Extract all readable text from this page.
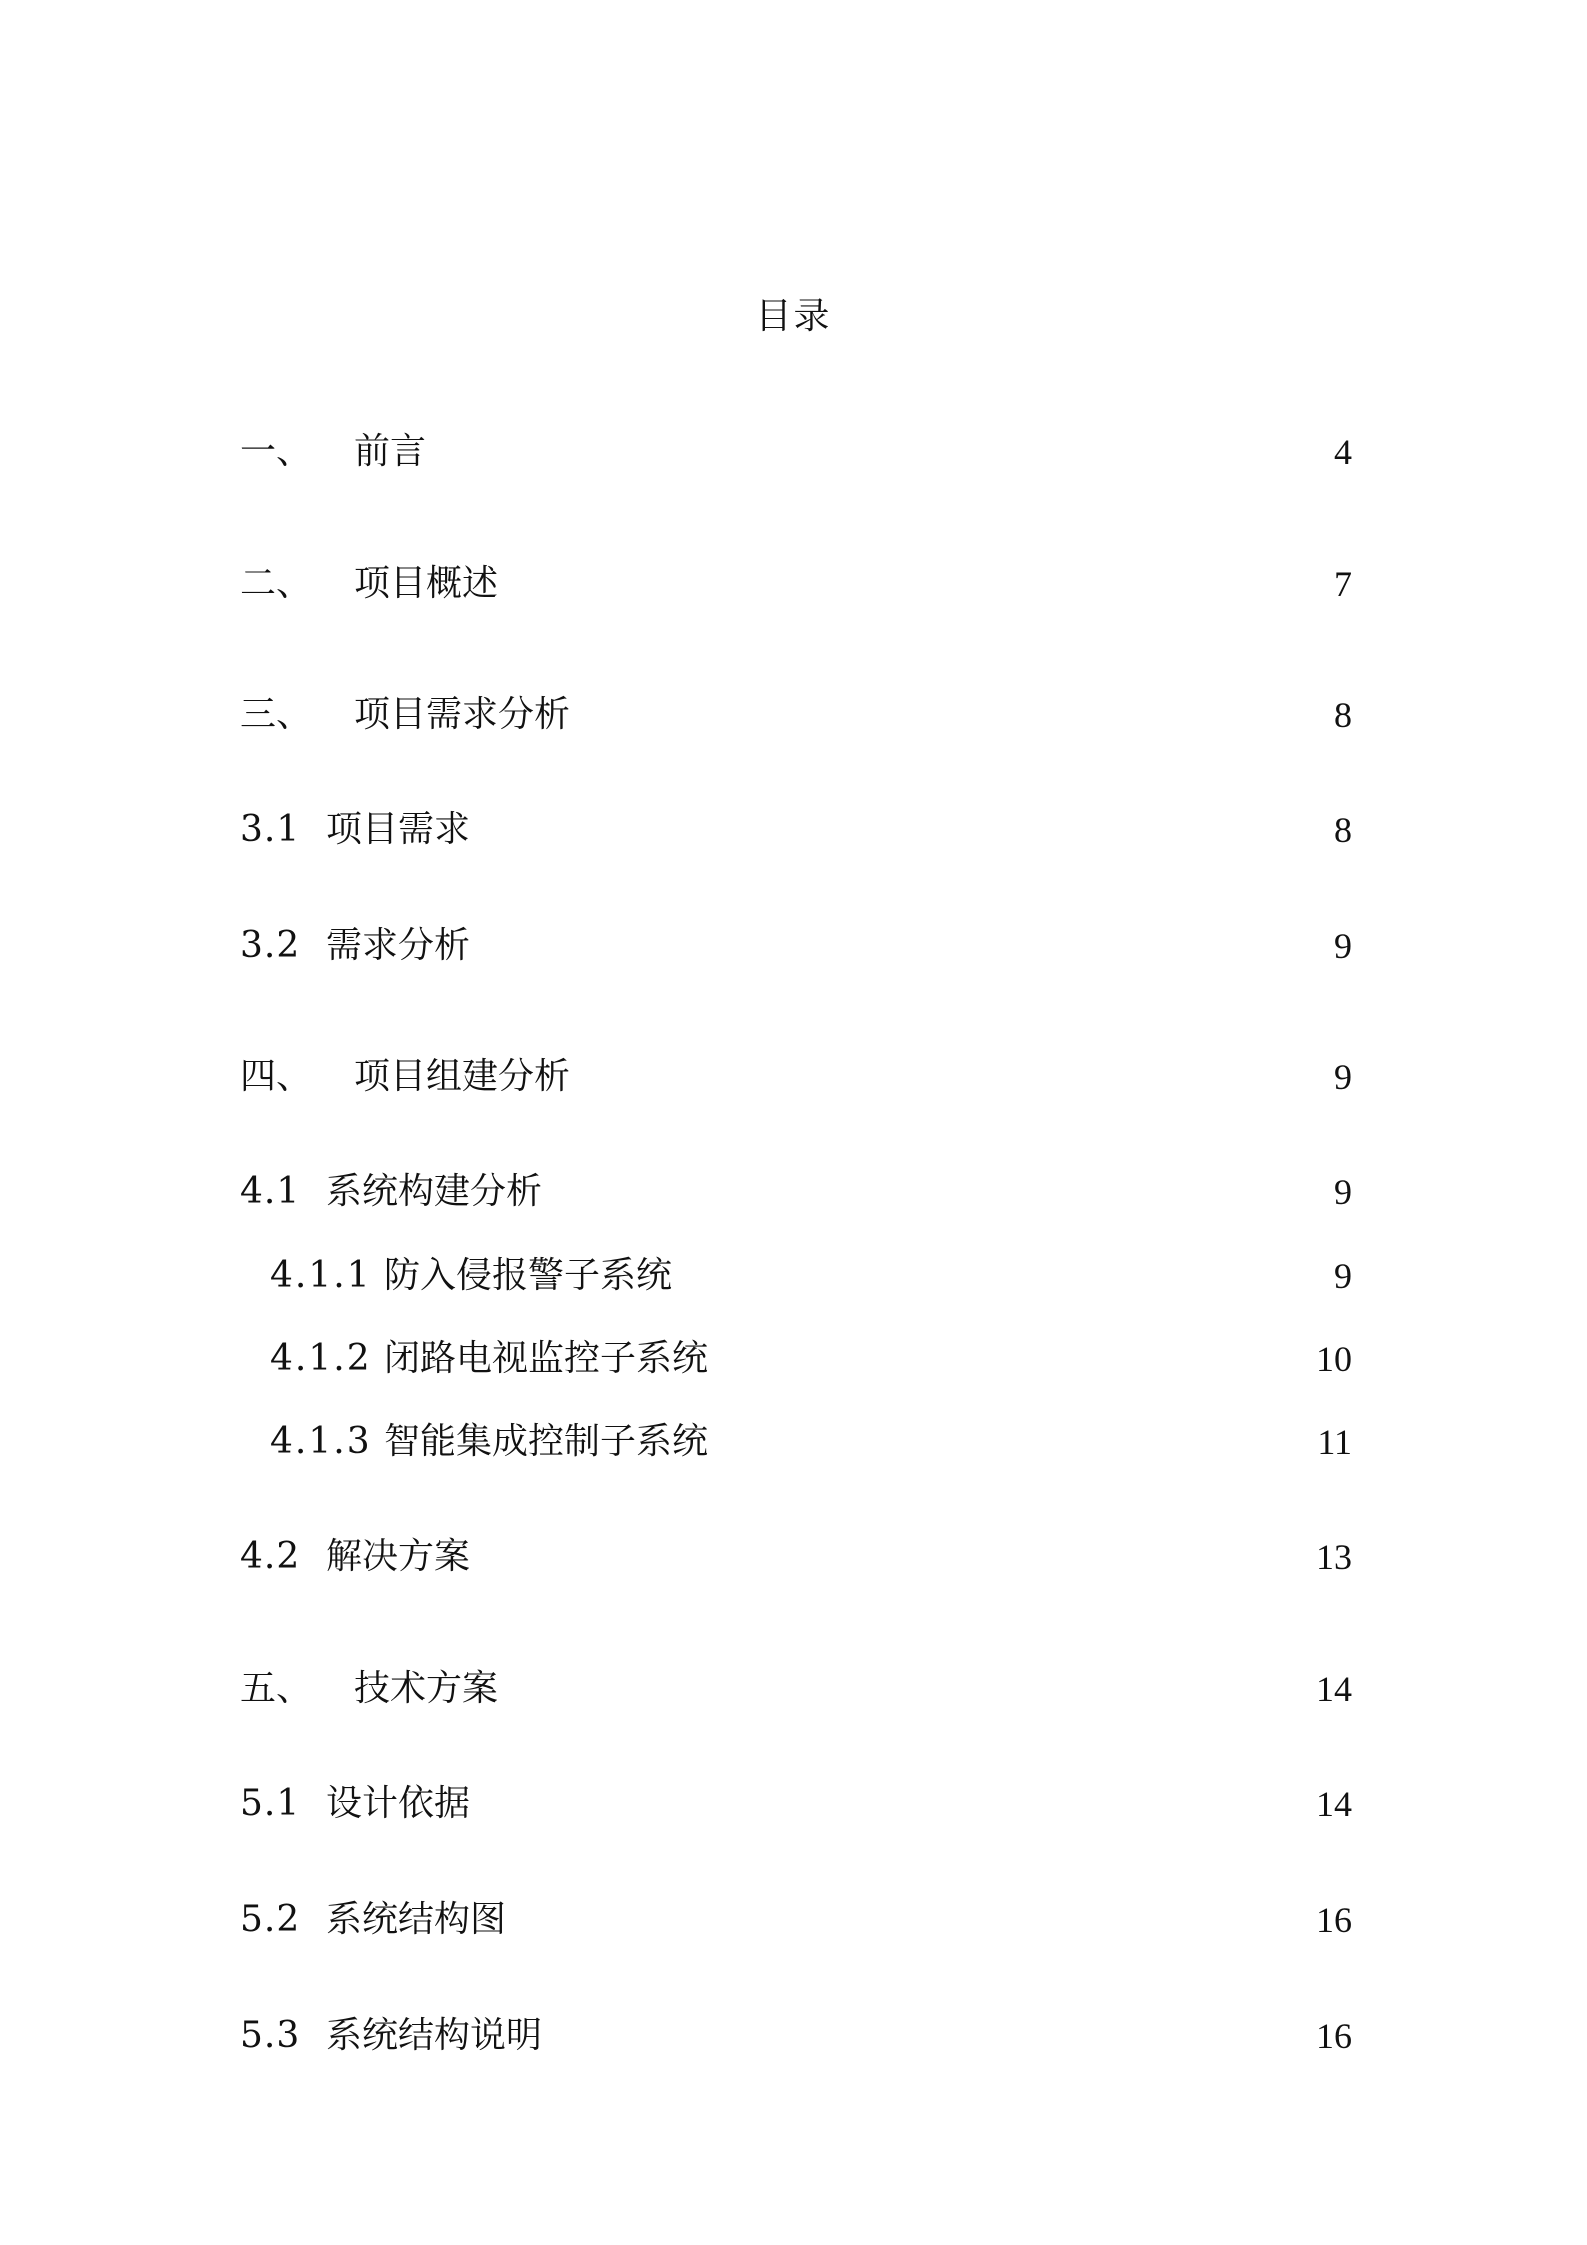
目录
一、 前言	4
二、 项目概述	7
三、 项目需求分析	8
3.1 项目需求	8
3.2 需求分析	9
四、 项目组建分析	9
4.1 系统构建分析	9
4.1.1 防入侵报警子系统	9
4.1.2 闭路电视监控子系统	10
4.1.3 智能集成控制子系统	11
4.2 解决方案	13
五、 技术方案	14
5.1 设计依据	14
5.2 系统结构图	16
5.3 系统结构说明	16
